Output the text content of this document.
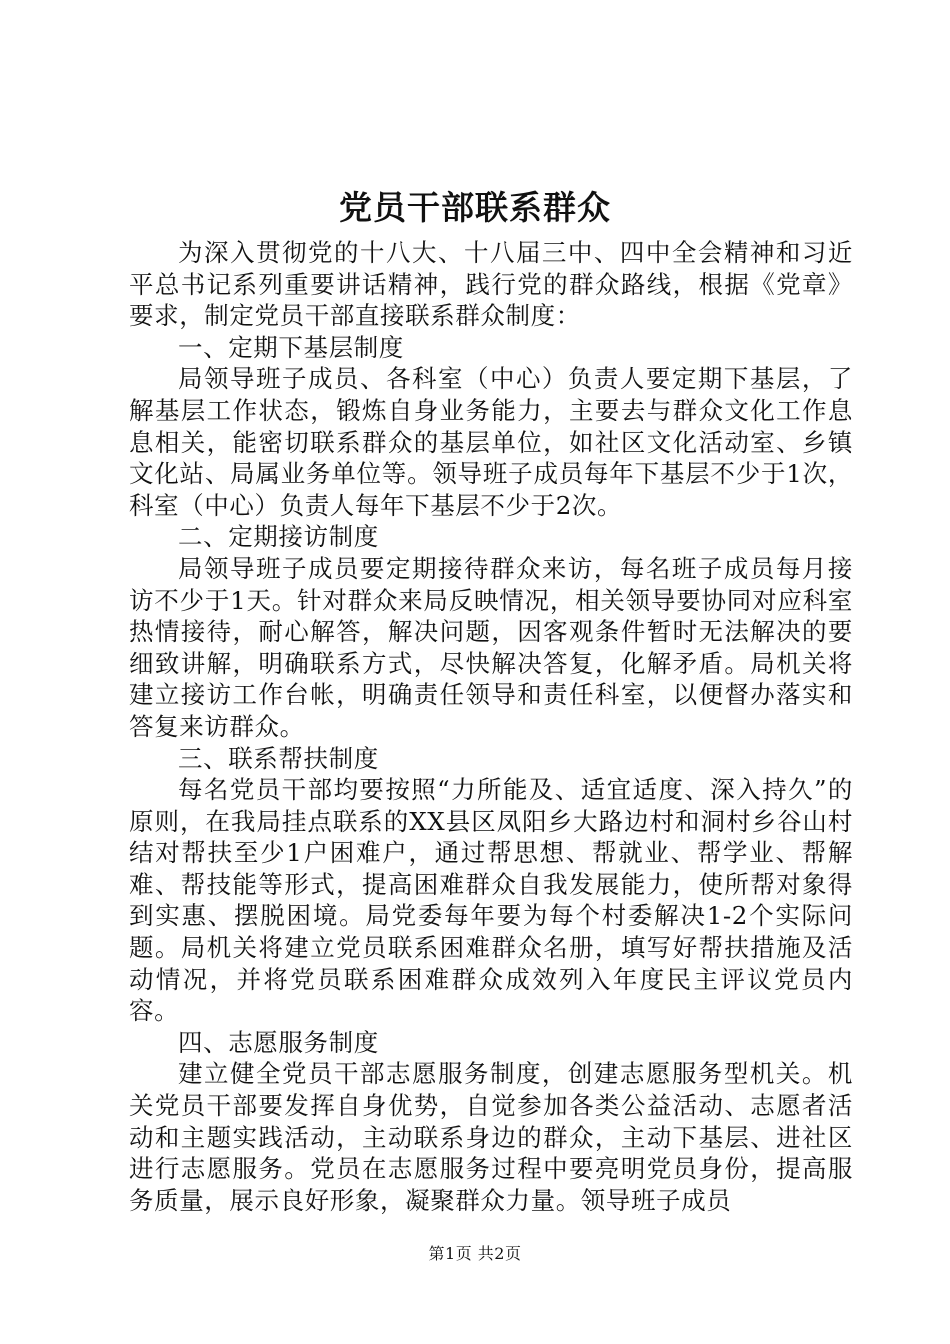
党员干部联系群众

为深入贯彻党的十八大、十八届三中、四中全会精神和习近平总书记系列重要讲话精神，践行党的群众路线，根据《党章》要求，制定党员干部直接联系群众制度：

一、定期下基层制度

局领导班子成员、各科室（中心）负责人要定期下基层，了解基层工作状态，锻炼自身业务能力，主要去与群众文化工作息息相关，能密切联系群众的基层单位，如社区文化活动室、乡镇文化站、局属业务单位等。领导班子成员每年下基层不少于1次，科室（中心）负责人每年下基层不少于2次。

二、定期接访制度

局领导班子成员要定期接待群众来访，每名班子成员每月接访不少于1天。针对群众来局反映情况，相关领导要协同对应科室热情接待，耐心解答，解决问题，因客观条件暂时无法解决的要细致讲解，明确联系方式，尽快解决答复，化解矛盾。局机关将建立接访工作台帐，明确责任领导和责任科室，以便督办落实和答复来访群众。

三、联系帮扶制度

每名党员干部均要按照“力所能及、适宜适度、深入持久”的原则，在我局挂点联系的XX县区凤阳乡大路边村和洞村乡谷山村结对帮扶至少1户困难户，通过帮思想、帮就业、帮学业、帮解难、帮技能等形式，提高困难群众自我发展能力，使所帮对象得到实惠、摆脱困境。局党委每年要为每个村委解决1-2个实际问题。局机关将建立党员联系困难群众名册，填写好帮扶措施及活动情况，并将党员联系困难群众成效列入年度民主评议党员内容。

四、志愿服务制度

建立健全党员干部志愿服务制度，创建志愿服务型机关。机关党员干部要发挥自身优势，自觉参加各类公益活动、志愿者活动和主题实践活动，主动联系身边的群众，主动下基层、进社区进行志愿服务。党员在志愿服务过程中要亮明党员身份，提高服务质量，展示良好形象，凝聚群众力量。领导班子成员

第1页 共2页
